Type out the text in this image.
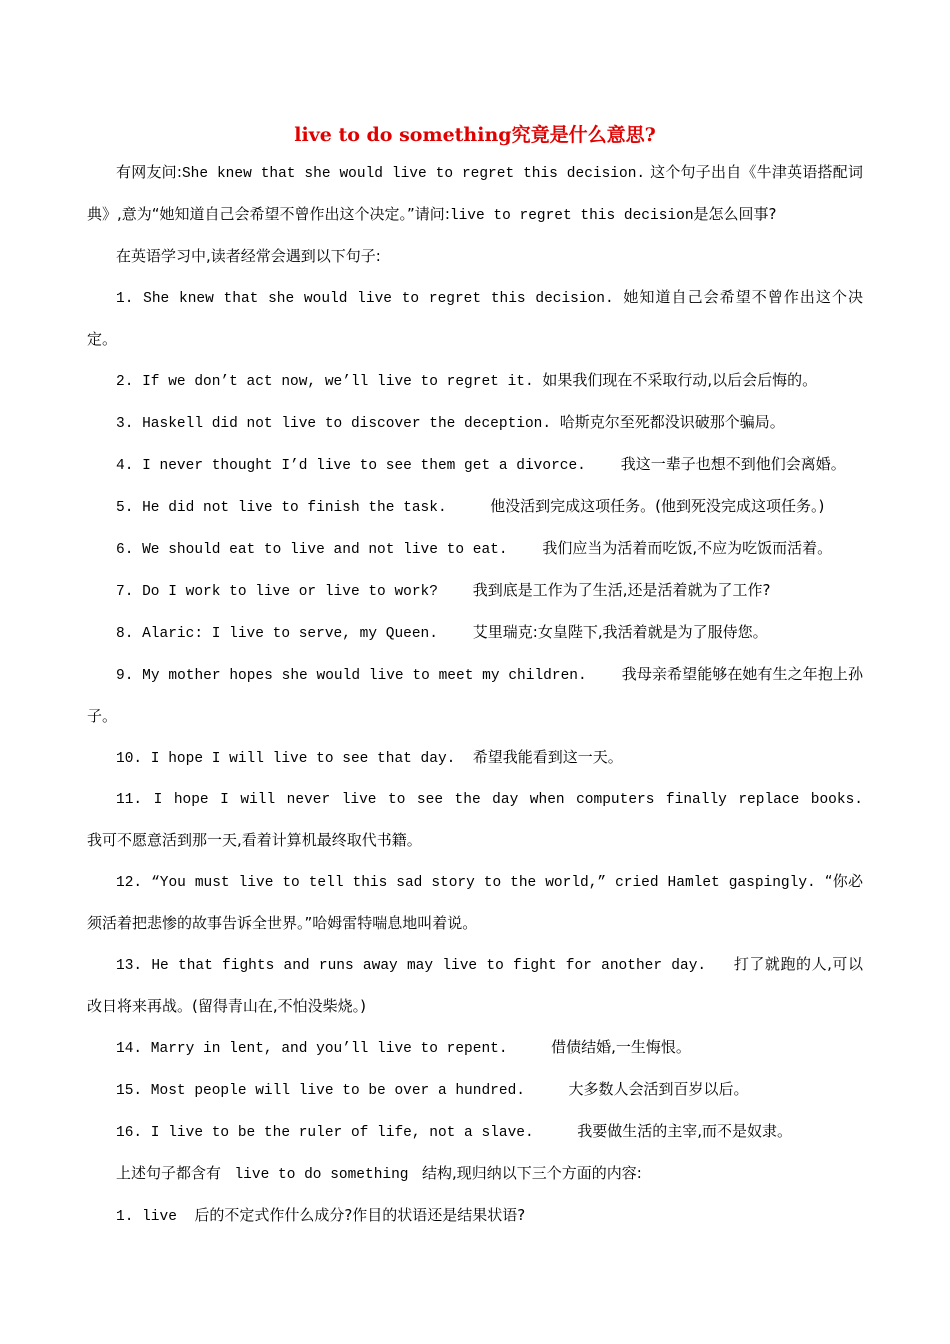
live to do something究竟是什么意思?

有网友问:She knew that she would live to regret this decision. 这个句子出自《牛津英语搭配词典》,意为“她知道自己会希望不曾作出这个决定。”请问:live to regret this decision是怎么回事?

在英语学习中,读者经常会遇到以下句子:

1. She knew that she would live to regret this decision. 她知道自己会希望不曾作出这个决定。

2. If we don’t act now, we’ll live to regret it. 如果我们现在不采取行动,以后会后悔的。

3. Haskell did not live to discover the deception. 哈斯克尔至死都没识破那个骗局。

4. I never thought I’d live to see them get a divorce.    我这一辈子也想不到他们会离婚。

5. He did not live to finish the task.     他没活到完成这项任务。(他到死没完成这项任务。)

6. We should eat to live and not live to eat.    我们应当为活着而吃饭,不应为吃饭而活着。

7. Do I work to live or live to work?    我到底是工作为了生活,还是活着就为了工作?

8. Alaric: I live to serve, my Queen.    艾里瑞克:女皇陛下,我活着就是为了服侍您。

9. My mother hopes she would live to meet my children.    我母亲希望能够在她有生之年抱上孙子。

10. I hope I will live to see that day.  希望我能看到这一天。

11. I hope I will never live to see the day when computers finally replace books.    我可不愿意活到那一天,看着计算机最终取代书籍。

12. “You must live to tell this sad story to the world,” cried Hamlet gaspingly. “你必须活着把悲惨的故事告诉全世界。”哈姆雷特喘息地叫着说。

13. He that fights and runs away may live to fight for another day.   打了就跑的人,可以改日将来再战。(留得青山在,不怕没柴烧。)

14. Marry in lent, and you’ll live to repent.     借债结婚,一生悔恨。

15. Most people will live to be over a hundred.     大多数人会活到百岁以后。

16. I live to be the ruler of life, not a slave.     我要做生活的主宰,而不是奴隶。

上述句子都含有  live to do something  结构,现归纳以下三个方面的内容:

1. live  后的不定式作什么成分?作目的状语还是结果状语?
